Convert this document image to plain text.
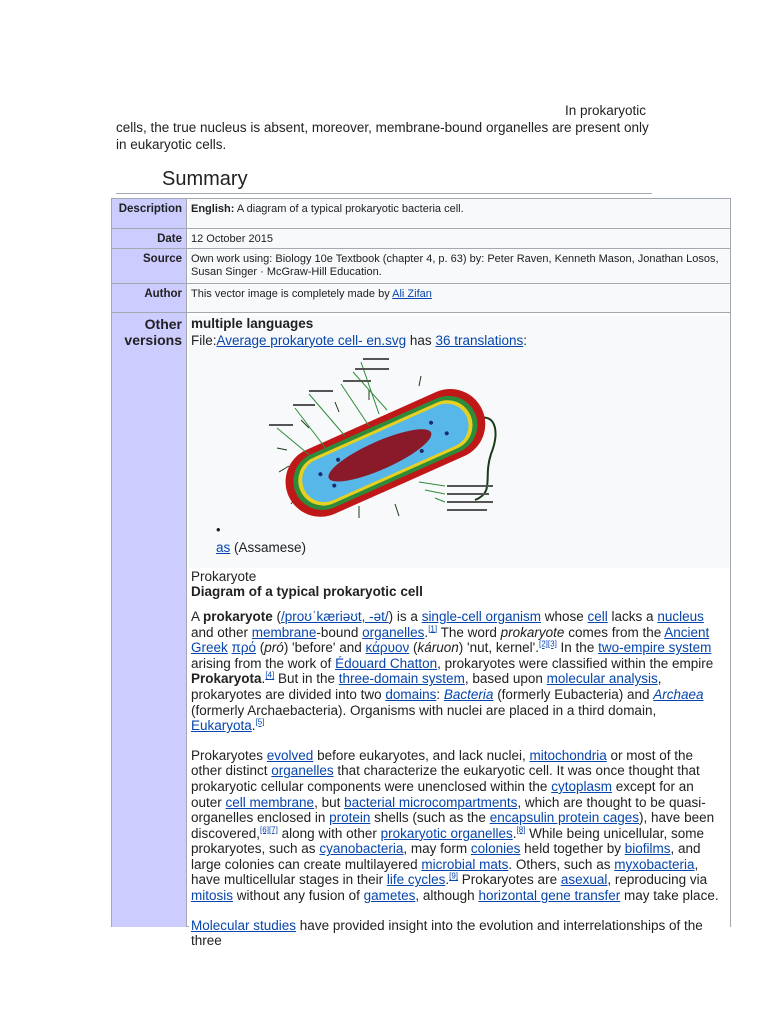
In prokaryotic
cells, the true nucleus is absent, moreover, membrane-bound organelles are present only in eukaryotic cells.
Summary
Description English: A diagram of a typical prokaryotic bacteria cell.
Date 12 October 2015
Source Own work using: Biology 10e Textbook (chapter 4, p. 63) by: Peter Raven, Kenneth Mason, Jonathan Losos, Susan Singer · McGraw-Hill Education.
Author This vector image is completely made by Ali Zifan
Other versions
multiple languages
File:Average prokaryote cell- en.svg has 36 translations:
•
as (Assamese)
Prokaryote
Diagram of a typical prokaryotic cell

A prokaryote (/proʊˈkæriəʊt, -ət/) is a single-cell organism whose cell lacks a nucleus and other membrane-bound organelles.[1] The word prokaryote comes from the Ancient Greek πρό (pró) 'before' and κάρυον (káruon) 'nut, kernel'.[2][3] In the two-empire system arising from the work of Édouard Chatton, prokaryotes were classified within the empire Prokaryota.[4] But in the three-domain system, based upon molecular analysis, prokaryotes are divided into two domains: Bacteria (formerly Eubacteria) and Archaea (formerly Archaebacteria). Organisms with nuclei are placed in a third domain, Eukaryota.[5]

Prokaryotes evolved before eukaryotes, and lack nuclei, mitochondria or most of the other distinct organelles that characterize the eukaryotic cell. It was once thought that prokaryotic cellular components were unenclosed within the cytoplasm except for an outer cell membrane, but bacterial microcompartments, which are thought to be quasi-organelles enclosed in protein shells (such as the encapsulin protein cages), have been discovered,[6][7] along with other prokaryotic organelles.[8] While being unicellular, some prokaryotes, such as cyanobacteria, may form colonies held together by biofilms, and large colonies can create multilayered microbial mats. Others, such as myxobacteria, have multicellular stages in their life cycles.[9] Prokaryotes are asexual, reproducing via mitosis without any fusion of gametes, although horizontal gene transfer may take place.

Molecular studies have provided insight into the evolution and interrelationships of the three
